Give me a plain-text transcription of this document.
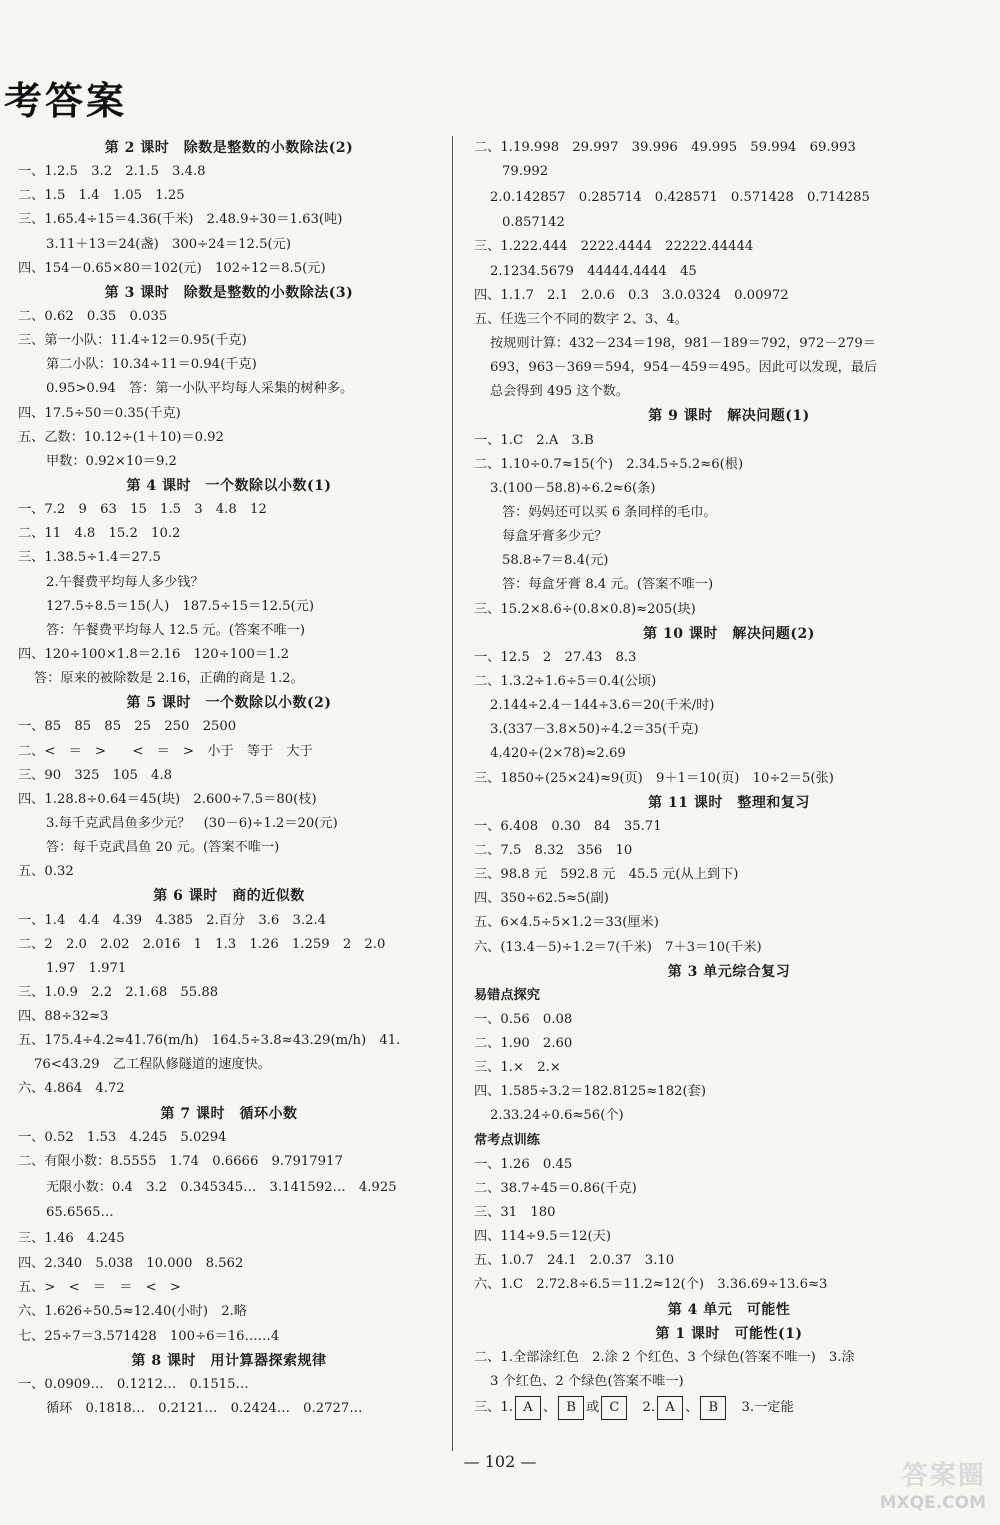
考答案
第 2 课时　除数是整数的小数除法(2)
一、1.2.5　3.2　2.1.5　3.4.8
二、1.5　1.4　1.05　1.25
三、1.65.4÷15＝4.36(千米)　2.48.9÷30＝1.63(吨)
3.11＋13＝24(盏)　300÷24＝12.5(元)
四、154－0.65×80＝102(元)　102÷12＝8.5(元)
第 3 课时　除数是整数的小数除法(3)
二、0.62　0.35　0.035
三、第一小队：11.4÷12＝0.95(千克)
第二小队：10.34÷11＝0.94(千克)
0.95>0.94　答：第一小队平均每人采集的树种多。
四、17.5÷50＝0.35(千克)
五、乙数：10.12÷(1＋10)＝0.92
甲数：0.92×10＝9.2
第 4 课时　一个数除以小数(1)
一、7.2　9　63　15　1.5　3　4.8　12
二、11　4.8　15.2　10.2
三、1.38.5÷1.4＝27.5
2.午餐费平均每人多少钱？
127.5÷8.5＝15(人)　187.5÷15＝12.5(元)
答：午餐费平均每人 12.5 元。(答案不唯一)
四、120÷100×1.8＝2.16　120÷100＝1.2
答：原来的被除数是 2.16，正确的商是 1.2。
第 5 课时　一个数除以小数(2)
一、85　85　85　25　250　2500
二、<　＝　>　　<　＝　>　小于　等于　大于
三、90　325　105　4.8
四、1.28.8÷0.64＝45(块)　2.600÷7.5＝80(枝)
3.每千克武昌鱼多少元？　(30－6)÷1.2＝20(元)
答：每千克武昌鱼 20 元。(答案不唯一)
五、0.32
第 6 课时　商的近似数
一、1.4　4.4　4.39　4.385　2.百分　3.6　3.2.4
二、2　2.0　2.02　2.016　1　1.3　1.26　1.259　2　2.0
1.97　1.971
三、1.0.9　2.2　2.1.68　55.88
四、88÷32≈3
五、175.4÷4.2≈41.76(m/h)　164.5÷3.8≈43.29(m/h)　41.
76<43.29　乙工程队修隧道的速度快。
六、4.864　4.72
第 7 课时　循环小数
一、0.52　1.53　4.245　5.0294
二、有限小数：8.5555　1.74　0.6666　9.7917917
无限小数：0.4　3.2　0.345345…　3.141592…　4.925
65.6565…
三、1.46　4.245
四、2.340　5.038　10.000　8.562
五、>　<　＝　＝　<　>
六、1.626÷50.5≈12.40(小时)　2.略
七、25÷7＝3.571428　100÷6＝16……4
第 8 课时　用计算器探索规律
一、0.0909…　0.1212…　0.1515…
循环　0.1818…　0.2121…　0.2424…　0.2727…
二、1.19.998　29.997　39.996　49.995　59.994　69.993
79.992
2.0.142857　0.285714　0.428571　0.571428　0.714285
0.857142
三、1.222.444　2222.4444　22222.44444
2.1234.5679　44444.4444　45
四、1.1.7　2.1　2.0.6　0.3　3.0.0324　0.00972
五、任选三个不同的数字 2、3、4。
按规则计算：432－234＝198，981－189＝792，972－279＝
693，963－369＝594，954－459＝495。因此可以发现，最后
总会得到 495 这个数。
第 9 课时　解决问题(1)
一、1.C　2.A　3.B
二、1.10÷0.7≈15(个)　2.34.5÷5.2≈6(根)
3.(100－58.8)÷6.2≈6(条)
答：妈妈还可以买 6 条同样的毛巾。
每盒牙膏多少元？
58.8÷7＝8.4(元)
答：每盒牙膏 8.4 元。(答案不唯一)
三、15.2×8.6÷(0.8×0.8)≈205(块)
第 10 课时　解决问题(2)
一、12.5　2　27.43　8.3
二、1.3.2÷1.6÷5＝0.4(公顷)
2.144÷2.4－144÷3.6＝20(千米/时)
3.(337－3.8×50)÷4.2＝35(千克)
4.420÷(2×78)≈2.69
三、1850÷(25×24)≈9(页)　9＋1＝10(页)　10÷2＝5(张)
第 11 课时　整理和复习
一、6.408　0.30　84　35.71
二、7.5　8.32　356　10
三、98.8 元　592.8 元　45.5 元(从上到下)
四、350÷62.5≈5(副)
五、6×4.5÷5×1.2＝33(厘米)
六、(13.4－5)÷1.2＝7(千米)　7＋3＝10(千米)
第 3 单元综合复习
易错点探究
一、0.56　0.08
二、1.90　2.60
三、1.×　2.×
四、1.585÷3.2＝182.8125≈182(套)
2.33.24÷0.6≈56(个)
常考点训练
一、1.26　0.45
二、38.7÷45＝0.86(千克)
三、31　180
四、114÷9.5＝12(天)
五、1.0.7　24.1　2.0.37　3.10
六、1.C　2.72.8÷6.5＝11.2≈12(个)　3.36.69÷13.6≈3
第 4 单元　可能性
第 1 课时　可能性(1)
二、1.全部涂红色　2.涂 2 个红色、3 个绿色(答案不唯一)　3.涂
3 个红色、2 个绿色(答案不唯一)
三、1. A 、 B 或 C 　2. A 、 B 　3.一定能
— 102 —	答案圈
MXQE.COM
